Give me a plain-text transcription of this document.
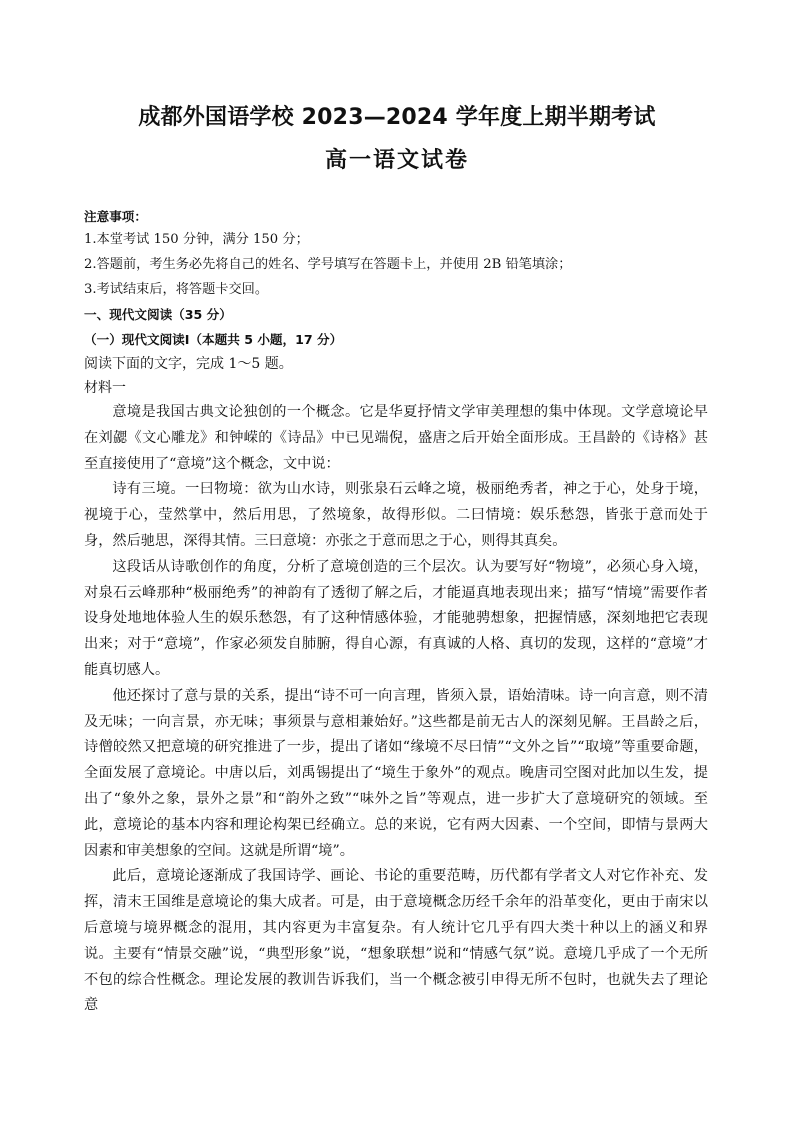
成都外国语学校 2023—2024 学年度上期半期考试
高一语文试卷

注意事项：

1.本堂考试 150 分钟，满分 150 分；

2.答题前，考生务必先将自己的姓名、学号填写在答题卡上，并使用 2B 铅笔填涂；

3.考试结束后，将答题卡交回。

一、现代文阅读（35 分）

（一）现代文阅读Ⅰ（本题共 5 小题，17 分）

阅读下面的文字，完成 1～5 题。

材料一

意境是我国古典文论独创的一个概念。它是华夏抒情文学审美理想的集中体现。文学意境论早在刘勰《文心雕龙》和钟嵘的《诗品》中已见端倪，盛唐之后开始全面形成。王昌龄的《诗格》甚至直接使用了“意境”这个概念，文中说：

诗有三境。一曰物境：欲为山水诗，则张泉石云峰之境，极丽绝秀者，神之于心，处身于境，视境于心，莹然掌中，然后用思，了然境象，故得形似。二曰情境：娱乐愁怨，皆张于意而处于身，然后驰思，深得其情。三曰意境：亦张之于意而思之于心，则得其真矣。

这段话从诗歌创作的角度，分析了意境创造的三个层次。认为要写好“物境”，必须心身入境，对泉石云峰那种“极丽绝秀”的神韵有了透彻了解之后，才能逼真地表现出来；描写“情境”需要作者设身处地地体验人生的娱乐愁怨，有了这种情感体验，才能驰骋想象，把握情感，深刻地把它表现出来；对于“意境”，作家必须发自肺腑，得自心源，有真诚的人格、真切的发现，这样的“意境”才能真切感人。

他还探讨了意与景的关系，提出“诗不可一向言理，皆须入景，语始清味。诗一向言意，则不清及无味；一向言景，亦无味；事须景与意相兼始好。”这些都是前无古人的深刻见解。王昌龄之后，诗僧皎然又把意境的研究推进了一步，提出了诸如“缘境不尽曰情”“文外之旨”“取境”等重要命题，全面发展了意境论。中唐以后，刘禹锡提出了“境生于象外”的观点。晚唐司空图对此加以生发，提出了“象外之象，景外之景”和“韵外之致”“味外之旨”等观点，进一步扩大了意境研究的领域。至此，意境论的基本内容和理论构架已经确立。总的来说，它有两大因素、一个空间，即情与景两大因素和审美想象的空间。这就是所谓“境”。

此后，意境论逐渐成了我国诗学、画论、书论的重要范畴，历代都有学者文人对它作补充、发挥，清末王国维是意境论的集大成者。可是，由于意境概念历经千余年的沿革变化，更由于南宋以后意境与境界概念的混用，其内容更为丰富复杂。有人统计它几乎有四大类十种以上的涵义和界说。主要有“情景交融”说，“典型形象”说，“想象联想”说和“情感气氛”说。意境几乎成了一个无所不包的综合性概念。理论发展的教训告诉我们，当一个概念被引申得无所不包时，也就失去了理论意
